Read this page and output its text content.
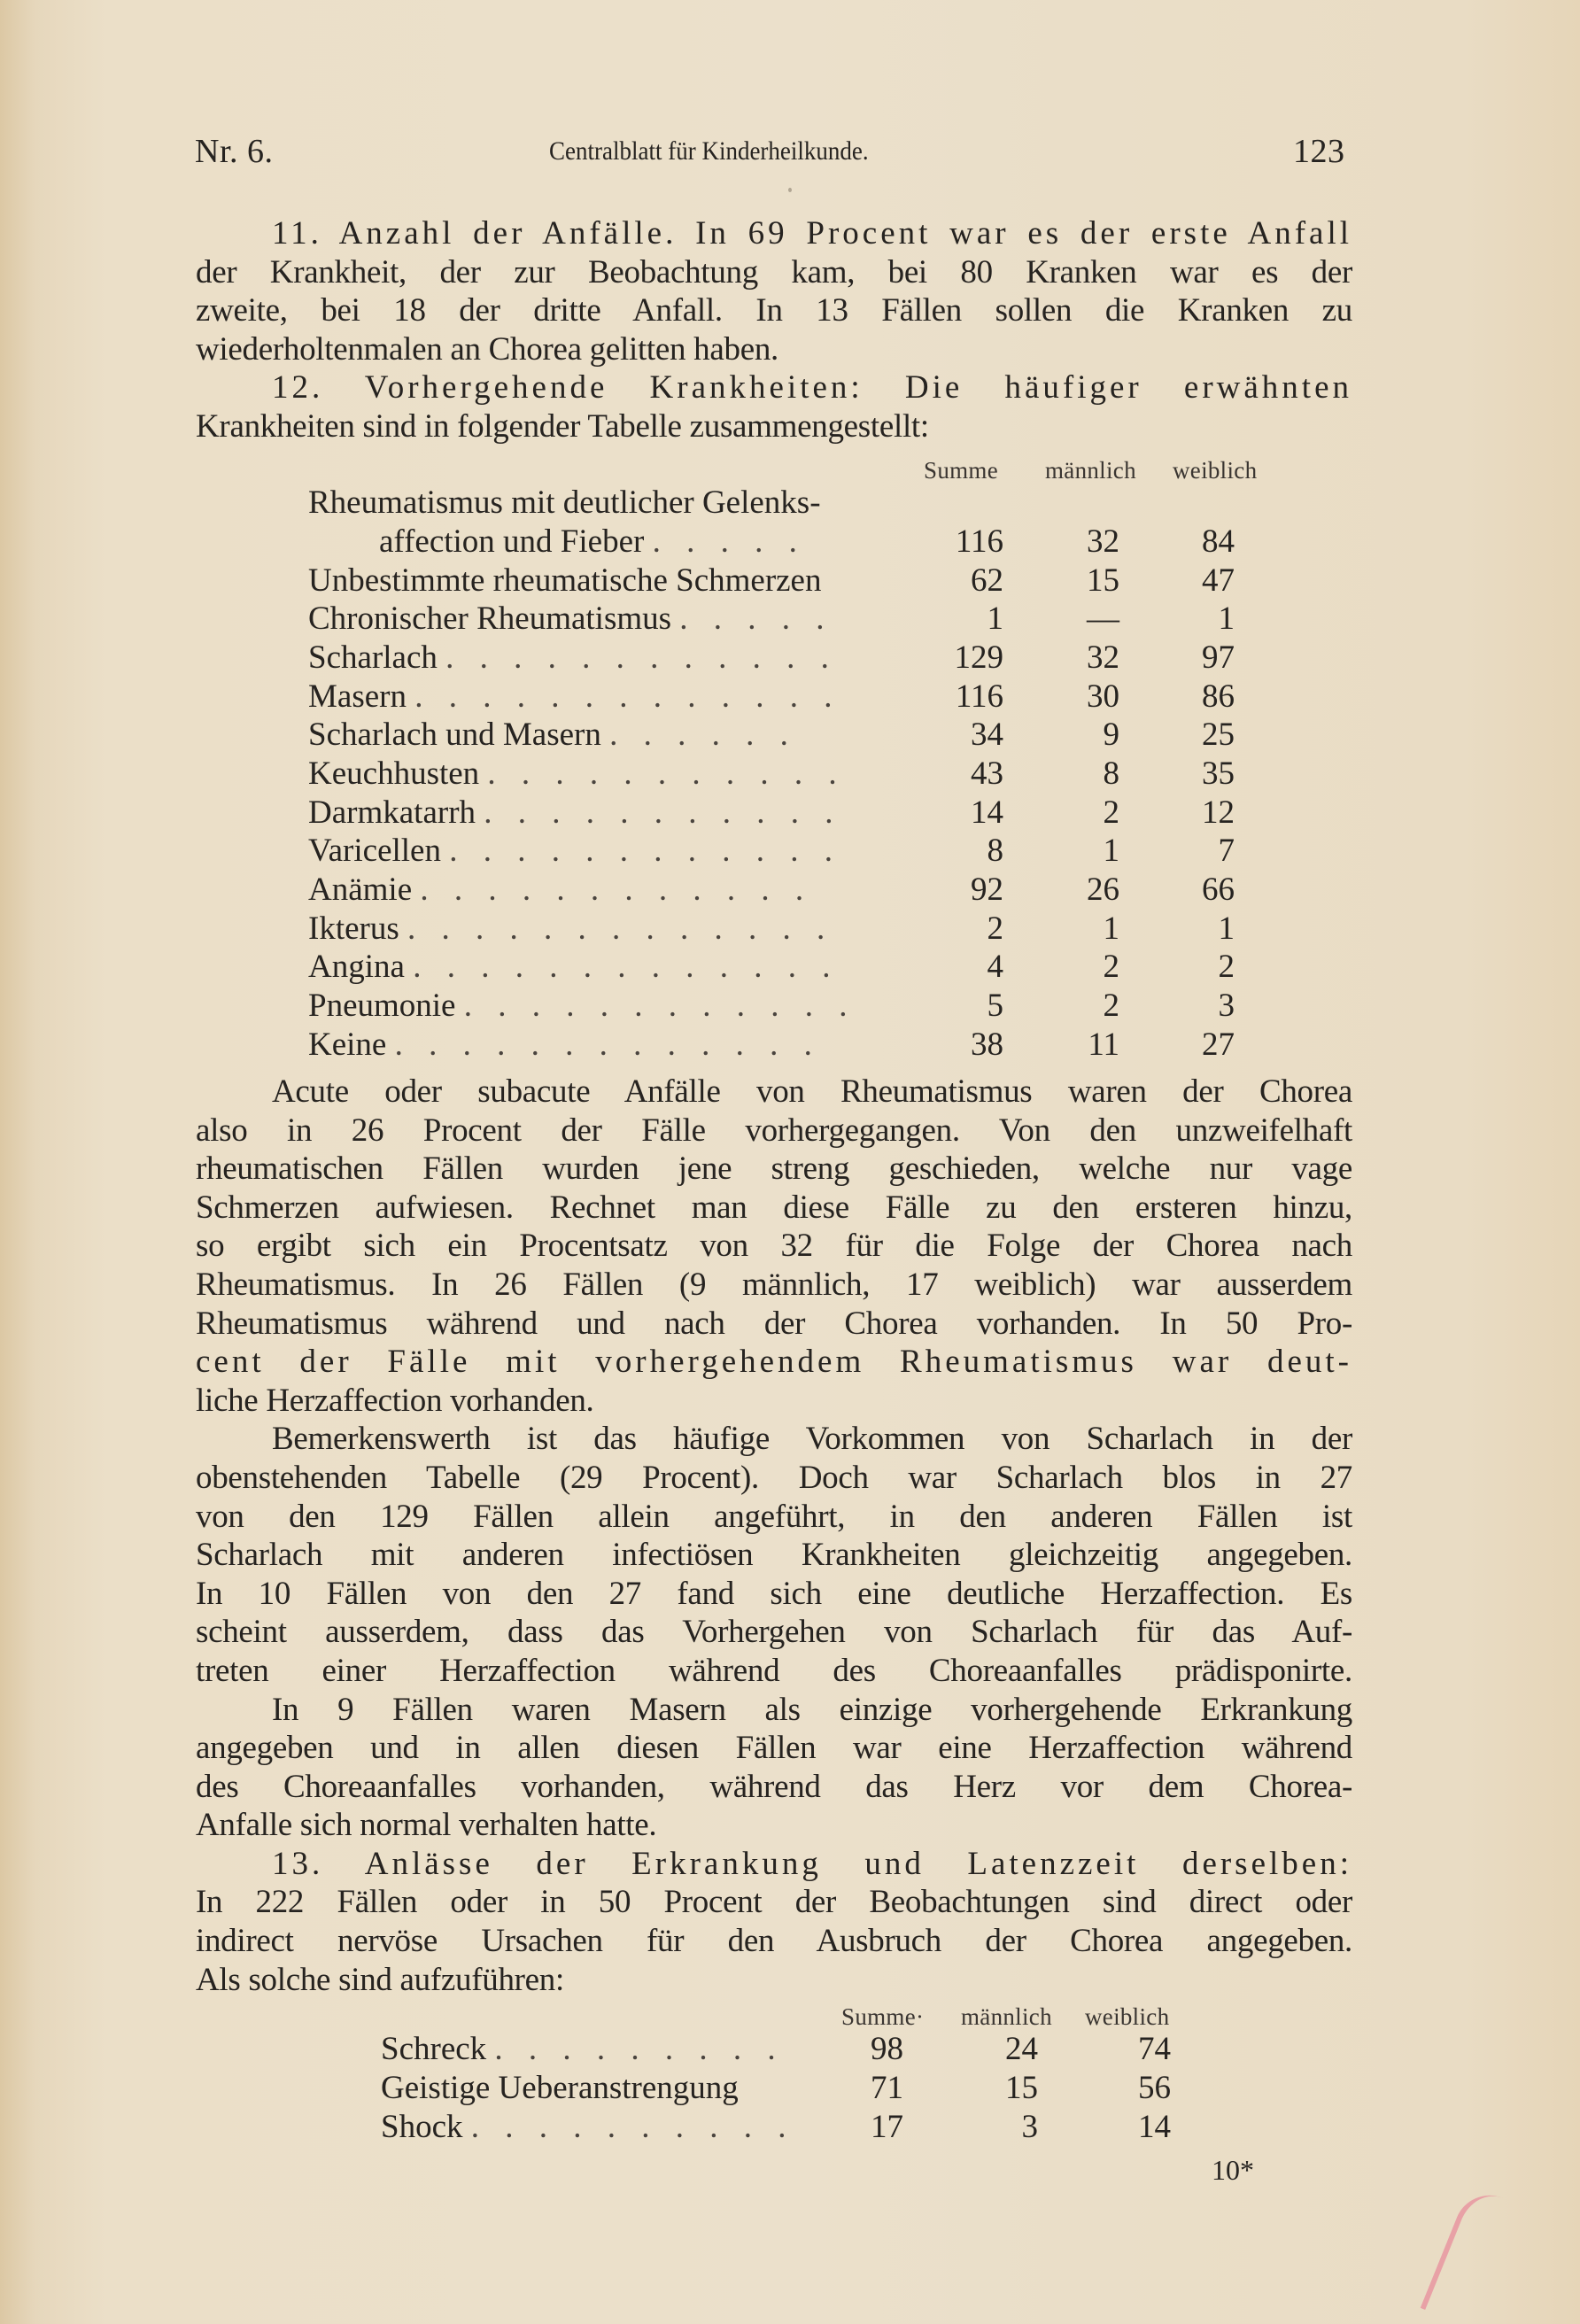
Nr. 6.	Centralblatt für Kinderheilkunde.	123
11. Anzahl der Anfälle. In 69 Procent war es der erste Anfall
der Krankheit, der zur Beobachtung kam, bei 80 Kranken war es der
zweite, bei 18 der dritte Anfall. In 13 Fällen sollen die Kranken zu
wiederholtenmalen an Chorea gelitten haben.
12. Vorhergehende Krankheiten: Die häufiger erwähnten
Krankheiten sind in folgender Tabelle zusammengestellt:
Summe männlich weiblich
Rheumatismus mit deutlicher Gelenks-
affection und Fieber . . . . .	116	32	84
Unbestimmte rheumatische Schmerzen	62	15	47
Chronischer Rheumatismus . . . . .	1	—	1
Scharlach . . . . . . . . . . . .	129	32	97
Masern . . . . . . . . . . . . .	116	30	86
Scharlach und Masern . . . . . .	34	9	25
Keuchhusten . . . . . . . . . . .	43	8	35
Darmkatarrh . . . . . . . . . . .	14	2	12
Varicellen . . . . . . . . . . . .	8	1	7
Anämie . . . . . . . . . . . .	92	26	66
Ikterus . . . . . . . . . . . . .	2	1	1
Angina . . . . . . . . . . . . .	4	2	2
Pneumonie . . . . . . . . . . . .	5	2	3
Keine . . . . . . . . . . . . .	38	11	27
Acute oder subacute Anfälle von Rheumatismus waren der Chorea
also in 26 Procent der Fälle vorhergegangen. Von den unzweifelhaft
rheumatischen Fällen wurden jene streng geschieden, welche nur vage
Schmerzen aufwiesen. Rechnet man diese Fälle zu den ersteren hinzu,
so ergibt sich ein Procentsatz von 32 für die Folge der Chorea nach
Rheumatismus. In 26 Fällen (9 männlich, 17 weiblich) war ausserdem
Rheumatismus während und nach der Chorea vorhanden. In 50 Pro-
cent der Fälle mit vorhergehendem Rheumatismus war deut-
liche Herzaffection vorhanden.
Bemerkenswerth ist das häufige Vorkommen von Scharlach in der
obenstehenden Tabelle (29 Procent). Doch war Scharlach blos in 27
von den 129 Fällen allein angeführt, in den anderen Fällen ist
Scharlach mit anderen infectiösen Krankheiten gleichzeitig angegeben.
In 10 Fällen von den 27 fand sich eine deutliche Herzaffection. Es
scheint ausserdem, dass das Vorhergehen von Scharlach für das Auf-
treten einer Herzaffection während des Choreaanfalles prädisponirte.
In 9 Fällen waren Masern als einzige vorhergehende Erkrankung
angegeben und in allen diesen Fällen war eine Herzaffection während
des Choreaanfalles vorhanden, während das Herz vor dem Chorea-
Anfalle sich normal verhalten hatte.
13. Anlässe der Erkrankung und Latenzzeit derselben:
In 222 Fällen oder in 50 Procent der Beobachtungen sind direct oder
indirect nervöse Ursachen für den Ausbruch der Chorea angegeben.
Als solche sind aufzuführen:
Summe· männlich weiblich
Schreck . . . . . . . . .	98	24	74
Geistige Ueberanstrengung	71	15	56
Shock . . . . . . . . . .	17	3	14
10*
